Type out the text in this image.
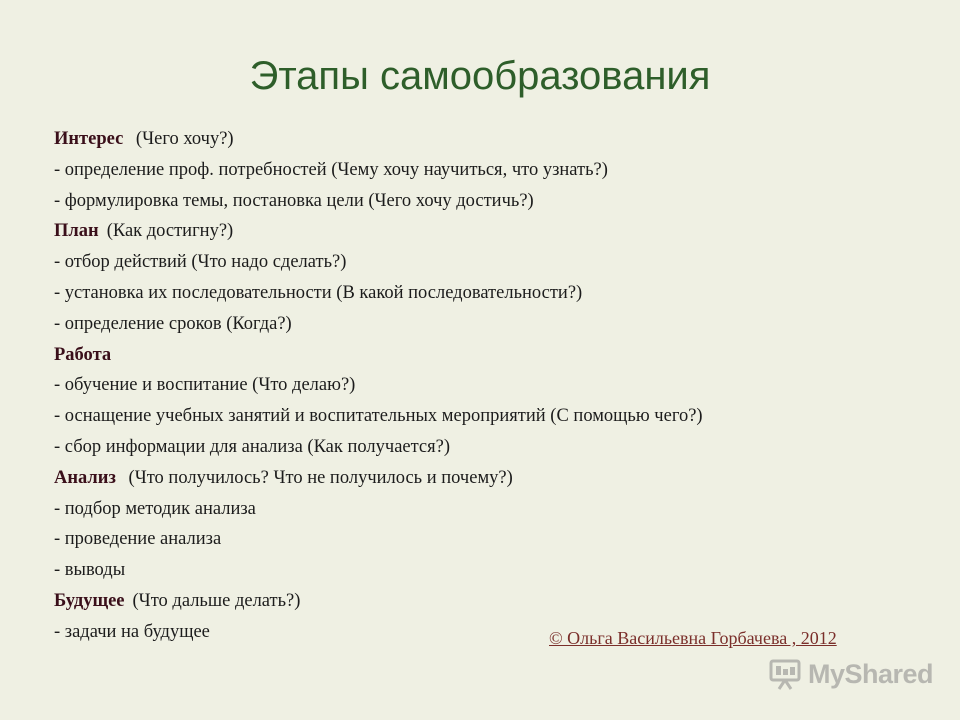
Этапы самообразования
Интерес (Чего хочу?)
- определение проф. потребностей (Чему хочу научиться, что узнать?)
- формулировка темы, постановка цели (Чего хочу достичь?)
План (Как достигну?)
- отбор действий (Что надо сделать?)
- установка их последовательности (В какой последовательности?)
- определение сроков (Когда?)
Работа
- обучение и воспитание (Что делаю?)
- оснащение учебных занятий и воспитательных мероприятий (С помощью чего?)
- сбор информации для анализа (Как получается?)
Анализ (Что получилось? Что не получилось и почему?)
- подбор методик анализа
- проведение анализа
- выводы
Будущее (Что дальше делать?)
- задачи на будущее	© Ольга Васильевна Горбачева , 2012
MyShared
